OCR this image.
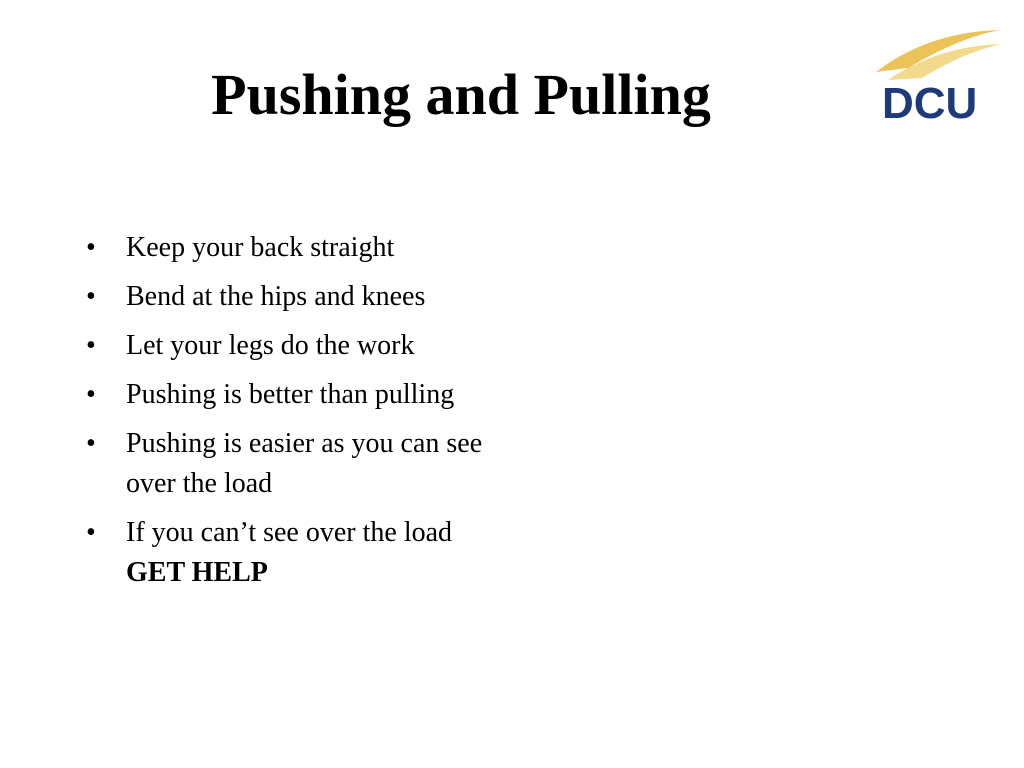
Pushing and Pulling	DCU
•	Keep your back straight
•	Bend at the hips and knees
•	Let your legs do the work
•	Pushing is better than pulling
•	Pushing is easier as you can see over the load
•	If you can’t see over the load GET HELP
